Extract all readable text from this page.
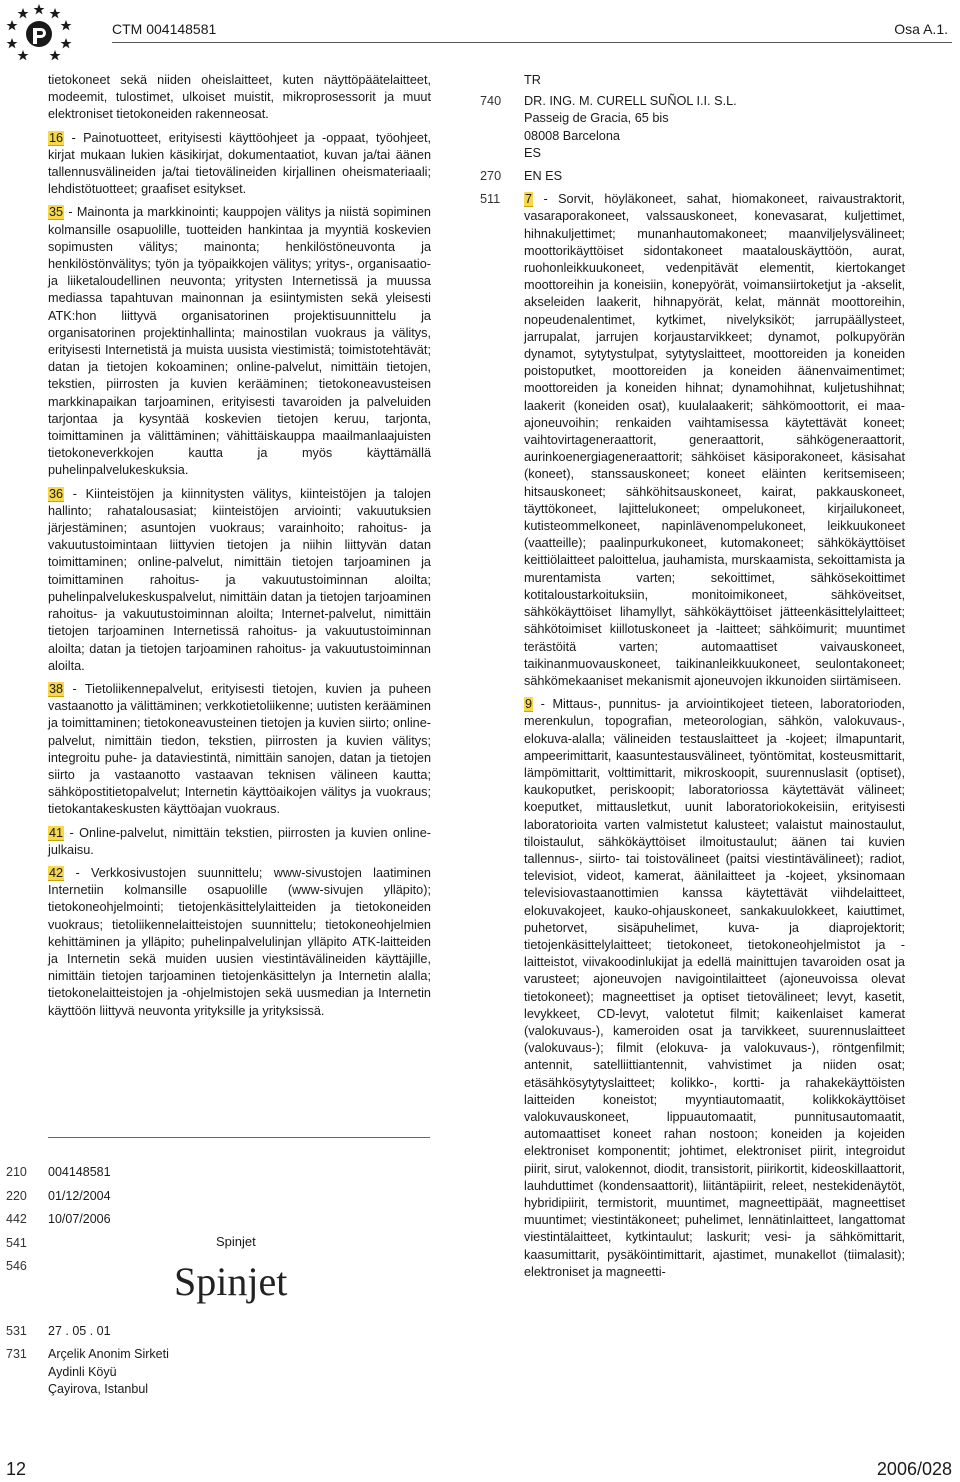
CTM 004148581	Osa A.1.

tietokoneet sekä niiden oheislaitteet, kuten näyttöpäätelaitteet, modeemit, tulostimet, ulkoiset muistit, mikroprosessorit ja muut elektroniset tietokoneiden rakenneosat.

16 - Painotuotteet, erityisesti käyttöohjeet ja -oppaat, työohjeet, kirjat mukaan lukien käsikirjat, dokumentaatiot, kuvan ja/tai äänen tallennusvälineiden ja/tai tietovälineiden kirjallinen oheismateriaali; lehdistötuotteet; graafiset esitykset.

35 - Mainonta ja markkinointi; kauppojen välitys ja niistä sopiminen kolmansille osapuolille, tuotteiden hankintaa ja myyntiä koskevien sopimusten välitys; mainonta; henkilöstöneuvonta ja henkilöstönvälitys; työn ja työpaikkojen välitys; yritys-, organisaatio- ja liiketaloudellinen neuvonta; yritysten Internetissä ja muussa mediassa tapahtuvan mainonnan ja esiintymisten sekä yleisesti ATK:hon liittyvä organisatorinen projektisuunnittelu ja organisatorinen projektinhallinta; mainostilan vuokraus ja välitys, erityisesti Internetistä ja muista uusista viestimistä; toimistotehtävät; datan ja tietojen kokoaminen; online-palvelut, nimittäin tietojen, tekstien, piirrosten ja kuvien kerääminen; tietokoneavusteisen markkinapaikan tarjoaminen, erityisesti tavaroiden ja palveluiden tarjontaa ja kysyntää koskevien tietojen keruu, tarjonta, toimittaminen ja välittäminen; vähittäiskauppa maailmanlaajuisten tietokoneverkkojen kautta ja myös käyttämällä puhelinpalvelukeskuksia.

36 - Kiinteistöjen ja kiinnitysten välitys, kiinteistöjen ja talojen hallinto; rahatalousasiat; kiinteistöjen arviointi; vakuutuksien järjestäminen; asuntojen vuokraus; varainhoito; rahoitus- ja vakuutustoimintaan liittyvien tietojen ja niihin liittyvän datan toimittaminen; online-palvelut, nimittäin tietojen tarjoaminen ja toimittaminen rahoitus- ja vakuutustoiminnan aloilta; puhelinpalvelukeskuspalvelut, nimittäin datan ja tietojen tarjoaminen rahoitus- ja vakuutustoiminnan aloilta; Internet-palvelut, nimittäin tietojen tarjoaminen Internetissä rahoitus- ja vakuutustoiminnan aloilta; datan ja tietojen tarjoaminen rahoitus- ja vakuutustoiminnan aloilta.

38 - Tietoliikennepalvelut, erityisesti tietojen, kuvien ja puheen vastaanotto ja välittäminen; verkkotietoliikenne; uutisten kerääminen ja toimittaminen; tietokoneavusteinen tietojen ja kuvien siirto; online-palvelut, nimittäin tiedon, tekstien, piirrosten ja kuvien välitys; integroitu puhe- ja dataviestintä, nimittäin sanojen, datan ja tietojen siirto ja vastaanotto vastaavan teknisen välineen kautta; sähköpostitietopalvelut; Internetin käyttöaikojen välitys ja vuokraus; tietokantakeskusten käyttöajan vuokraus.

41 - Online-palvelut, nimittäin tekstien, piirrosten ja kuvien online-julkaisu.

42 - Verkkosivustojen suunnittelu; www-sivustojen laatiminen Internetiin kolmansille osapuolille (www-sivujen ylläpito); tietokoneohjelmointi; tietojenkäsittelylaitteiden ja tietokoneiden vuokraus; tietoliikennelaitteistojen suunnittelu; tietokoneohjelmien kehittäminen ja ylläpito; puhelinpalvelulinjan ylläpito ATK-laitteiden ja Internetin sekä muiden uusien viestintävälineiden käyttäjille, nimittäin tietojen tarjoaminen tietojenkäsittelyn ja Internetin alalla; tietokonelaitteistojen ja -ohjelmistojen sekä uusmedian ja Internetin käyttöön liittyvä neuvonta yrityksille ja yrityksissä.

210 004148581
220 01/12/2004
442 10/07/2006
541
546
531 27 . 05 . 01
731 Arçelik Anonim Sirketi
Aydinli Köyü
Çayirova, Istanbul
Spinjet
Spinjet
TR
740 DR. ING. M. CURELL SUÑOL I.I. S.L.
Passeig de Gracia, 65 bis
08008 Barcelona
ES
270 EN ES
511 7 - Sorvit, höyläkoneet, sahat, hiomakoneet, raivaustraktorit, vasaraporakoneet, valssauskoneet, konevasarat, kuljettimet, hihnakuljettimet; munanhautomakoneet; maanviljelysvälineet; moottorikäyttöiset sidontakoneet maatalouskäyttöön, aurat, ruohonleikkuukoneet, vedenpitävät elementit, kiertokanget moottoreihin ja koneisiin, konepyörät, voimansiirtoketjut ja -akselit, akseleiden laakerit, hihnapyörät, kelat, männät moottoreihin, nopeudenalentimet, kytkimet, nivelyksiköt; jarrupäällysteet, jarrupalat, jarrujen korjaustarvikkeet; dynamot, polkupyörän dynamot, sytytystulpat, sytytyslaitteet, moottoreiden ja koneiden poistoputket, moottoreiden ja koneiden äänenvaimentimet; moottoreiden ja koneiden hihnat; dynamohihnat, kuljetushihnat; laakerit (koneiden osat), kuulalaakerit; sähkömoottorit, ei maa-ajoneuvoihin; renkaiden vaihtamisessa käytettävät koneet; vaihtovirtageneraattorit, generaattorit, sähkögeneraattorit, aurinkoenergiageneraattorit; sähköiset käsiporakoneet, käsisahat (koneet), stanssauskoneet; koneet eläinten keritsemiseen; hitsauskoneet; sähköhitsauskoneet, kairat, pakkauskoneet, täyttökoneet, lajittelukoneet; ompelukoneet, kirjailukoneet, kutisteommelkoneet, napinlävenompelukoneet, leikkuukoneet (vaatteille); paalinpurkukoneet, kutomakoneet; sähkökäyttöiset keittiölaitteet paloittelua, jauhamista, murskaamista, sekoittamista ja murentamista varten; sekoittimet, sähkösekoittimet kotitaloustarkoituksiin, monitoimikoneet, sähköveitset, sähkökäyttöiset lihamyllyt, sähkökäyttöiset jätteenkäsittelylaitteet; sähkötoimiset kiillotuskoneet ja -laitteet; sähköimurit; muuntimet terästöitä varten; automaattiset vaivauskoneet, taikinanmuovauskoneet, taikinanleikkuukoneet, seulontakoneet; sähkömekaaniset mekanismit ajoneuvojen ikkunoiden siirtämiseen.

9 - Mittaus-, punnitus- ja arviointikojeet tieteen, laboratorioden, merenkulun, topografian, meteorologian, sähkön, valokuvaus-, elokuva-alalla; välineiden testauslaitteet ja -kojeet; ilmapuntarit, ampeerimittarit, kaasuntestausvälineet, työntömitat, kosteusmittarit, lämpömittarit, volttimittarit, mikroskoopit, suurennuslasit (optiset), kaukoputket, periskoopit; laboratoriossa käytettävät välineet; koeputket, mittausletkut, uunit laboratoriokokeisiin, erityisesti laboratorioita varten valmistetut kalusteet; valaistut mainostaulut, tiloistaulut, sähkökäyttöiset ilmoitustaulut; äänen tai kuvien tallennus-, siirto- tai toistovälineet (paitsi viestintävälineet); radiot, televisiot, videot, kamerat, äänilaitteet ja -kojeet, yksinomaan televisiovastaanottimien kanssa käytettävät viihdelaitteet, elokuvakojeet, kauko-ohjauskoneet, sankakuulokkeet, kaiuttimet, puhetorvet, sisäpuhelimet, kuva- ja diaprojektorit; tietojenkäsittelylaitteet; tietokoneet, tietokoneohjelmistot ja -laitteistot, viivakoodinlukijat ja edellä mainittujen tavaroiden osat ja varusteet; ajoneuvojen navigointilaitteet (ajoneuvoissa olevat tietokoneet); magneettiset ja optiset tietovälineet; levyt, kasetit, levykkeet, CD-levyt, valotetut filmit; kaikenlaiset kamerat (valokuvaus-), kameroiden osat ja tarvikkeet, suurennuslaitteet (valokuvaus-); filmit (elokuva- ja valokuvaus-), röntgenfilmit; antennit, satelliittiantennit, vahvistimet ja niiden osat; etäsähkösytytyslaitteet; kolikko-, kortti- ja rahakekäyttöisten laitteiden koneistot; myyntiautomaatit, kolikkokäyttöiset valokuvauskoneet, lippuautomaatit, punnitusautomaatit, automaattiset koneet rahan nostoon; koneiden ja kojeiden elektroniset komponentit; johtimet, elektroniset piirit, integroidut piirit, sirut, valokennot, diodit, transistorit, piirikortit, kideoskillaattorit, lauhduttimet (kondensaattorit), liitäntäpiirit, releet, nestekidenäytöt, hybridipiirit, termistorit, muuntimet, magneettipäät, magneettiset muuntimet; viestintäkoneet; puhelimet, lennätinlaitteet, langattomat viestintälaitteet, kytkintaulut; laskurit; vesi- ja sähkömittarit, kaasumittarit, pysäköintimittarit, ajastimet, munakellot (tiimalasit); elektroniset ja magneetti-

12	2006/028
